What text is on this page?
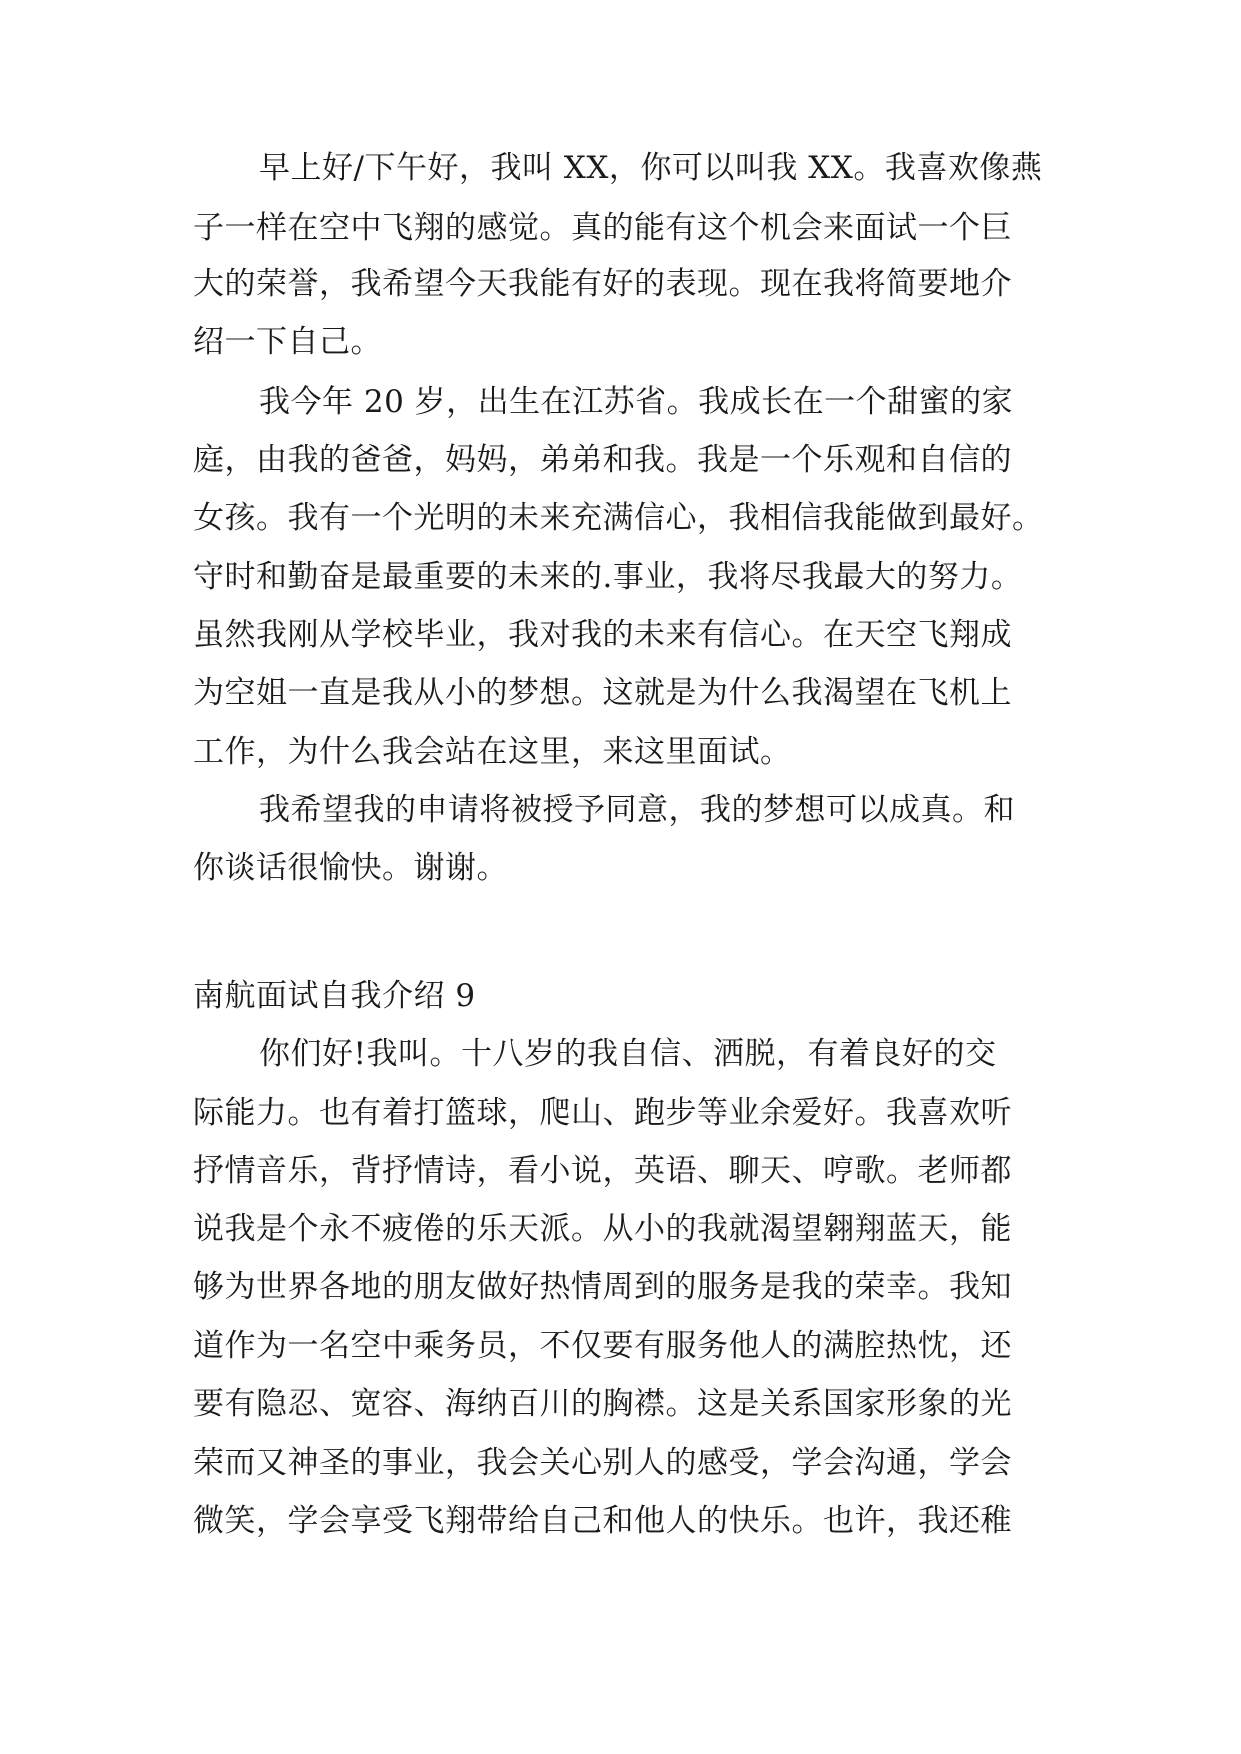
早上好/下午好，我叫 XX，你可以叫我 XX。我喜欢像燕
子一样在空中飞翔的感觉。真的能有这个机会来面试一个巨
大的荣誉，我希望今天我能有好的表现。现在我将简要地介
绍一下自己。
我今年 20 岁，出生在江苏省。我成长在一个甜蜜的家
庭，由我的爸爸，妈妈，弟弟和我。我是一个乐观和自信的
女孩。我有一个光明的未来充满信心，我相信我能做到最好。
守时和勤奋是最重要的未来的.事业，我将尽我最大的努力。
虽然我刚从学校毕业，我对我的未来有信心。在天空飞翔成
为空姐一直是我从小的梦想。这就是为什么我渴望在飞机上
工作，为什么我会站在这里，来这里面试。
我希望我的申请将被授予同意，我的梦想可以成真。和
你谈话很愉快。谢谢。
南航面试自我介绍 9
你们好!我叫。十八岁的我自信、洒脱，有着良好的交
际能力。也有着打篮球，爬山、跑步等业余爱好。我喜欢听
抒情音乐，背抒情诗，看小说，英语、聊天、哼歌。老师都
说我是个永不疲倦的乐天派。从小的我就渴望翱翔蓝天，能
够为世界各地的朋友做好热情周到的服务是我的荣幸。我知
道作为一名空中乘务员，不仅要有服务他人的满腔热忱，还
要有隐忍、宽容、海纳百川的胸襟。这是关系国家形象的光
荣而又神圣的事业，我会关心别人的感受，学会沟通，学会
微笑，学会享受飞翔带给自己和他人的快乐。也许，我还稚
